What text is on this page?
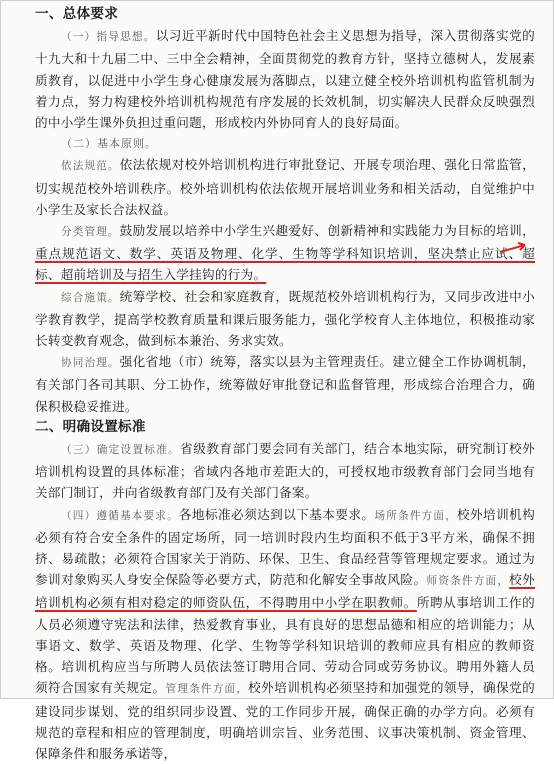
一、总体要求

（一）指导思想。以习近平新时代中国特色社会主义思想为指导，深入贯彻落实党的十九大和十九届二中、三中全会精神，全面贯彻党的教育方针，坚持立德树人，发展素质教育，以促进中小学生身心健康发展为落脚点，以建立健全校外培训机构监管机制为着力点，努力构建校外培训机构规范有序发展的长效机制，切实解决人民群众反映强烈的中小学生课外负担过重问题，形成校内外协同育人的良好局面。

（二）基本原则。

依法规范。依法依规对校外培训机构进行审批登记、开展专项治理、强化日常监管，切实规范校外培训秩序。校外培训机构依法依规开展培训业务和相关活动，自觉维护中小学生及家长合法权益。

分类管理。鼓励发展以培养中小学生兴趣爱好、创新精神和实践能力为目标的培训，重点规范语文、数学、英语及物理、化学、生物等学科知识培训，坚决禁止应试、超标、超前培训及与招生入学挂钩的行为。

综合施策。统筹学校、社会和家庭教育，既规范校外培训机构行为，又同步改进中小学教育教学，提高学校教育质量和课后服务能力，强化学校育人主体地位，积极推动家长转变教育观念，做到标本兼治、务求实效。

协同治理。强化省地（市）统筹，落实以县为主管理责任。建立健全工作协调机制，有关部门各司其职、分工协作，统筹做好审批登记和监督管理，形成综合治理合力，确保积极稳妥推进。

二、明确设置标准

（三）确定设置标准。省级教育部门要会同有关部门，结合本地实际，研究制订校外培训机构设置的具体标准；省域内各地市差距大的，可授权地市级教育部门会同当地有关部门制订，并向省级教育部门及有关部门备案。

（四）遵循基本要求。各地标准必须达到以下基本要求。场所条件方面，校外培训机构必须有符合安全条件的固定场所，同一培训时段内生均面积不低于3平方米，确保不拥挤、易疏散；必须符合国家关于消防、环保、卫生、食品经营等管理规定要求。通过为参训对象购买人身安全保险等必要方式，防范和化解安全事故风险。师资条件方面，校外培训机构必须有相对稳定的师资队伍，不得聘用中小学在职教师。所聘从事培训工作的人员必须遵守宪法和法律，热爱教育事业，具有良好的思想品德和相应的培训能力；从事语文、数学、英语及物理、化学、生物等学科知识培训的教师应具有相应的教师资格。培训机构应当与所聘人员依法签订聘用合同、劳动合同或劳务协议。聘用外籍人员须符合国家有关规定。管理条件方面，校外培训机构必须坚持和加强党的领导，确保党的建设同步谋划、党的组织同步设置、党的工作同步开展，确保正确的办学方向。必须有规范的章程和相应的管理制度，明确培训宗旨、业务范围、议事决策机制、资金管理、保障条件和服务承诺等，
